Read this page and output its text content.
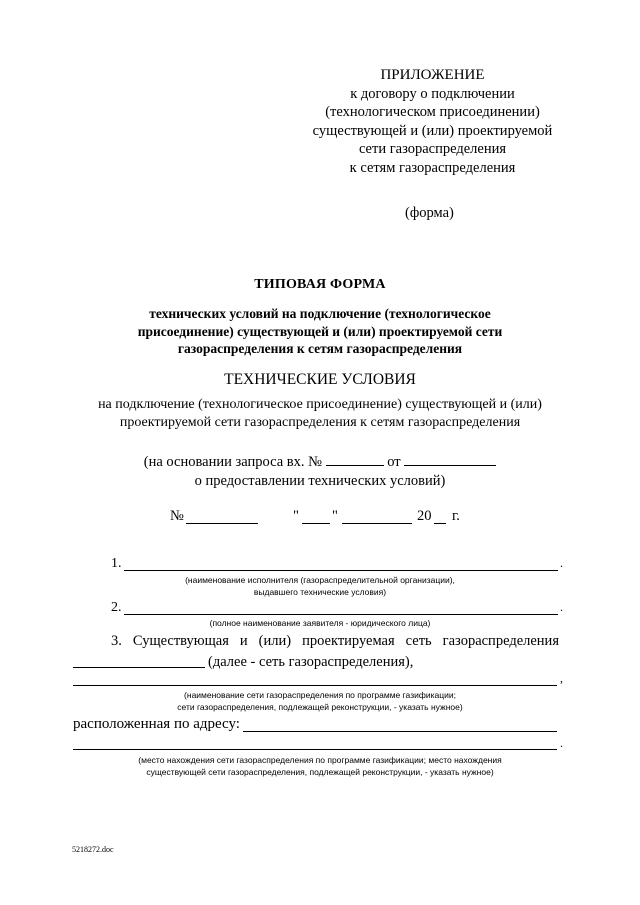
ПРИЛОЖЕНИЕ
к договору о подключении
(технологическом присоединении)
существующей и (или) проектируемой
сети газораспределения
к сетям газораспределения
(форма)
ТИПОВАЯ ФОРМА
технических условий на подключение (технологическое
присоединение) существующей и (или) проектируемой сети
газораспределения к сетям газораспределения
ТЕХНИЧЕСКИЕ УСЛОВИЯ
на подключение (технологическое присоединение) существующей и (или)
проектируемой сети газораспределения к сетям газораспределения
(на основании запроса вх. №	от
о предоставлении технических условий)
№	" "	20 г.
1.	.
(наименование исполнителя (газораспределительной организации),
выдавшего технические условия)
2.	.
(полное наименование заявителя - юридического лица)
3. Существующая и (или) проектируемая сеть газораспределения
(далее - сеть газораспределения),
,
(наименование сети газораспределения по программе газификации;
сети газораспределения, подлежащей реконструкции, - указать нужное)
расположенная по адресу:
.
(место нахождения сети газораспределения по программе газификации; место нахождения
существующей сети газораспределения, подлежащей реконструкции, - указать нужное)
5218272.doc
